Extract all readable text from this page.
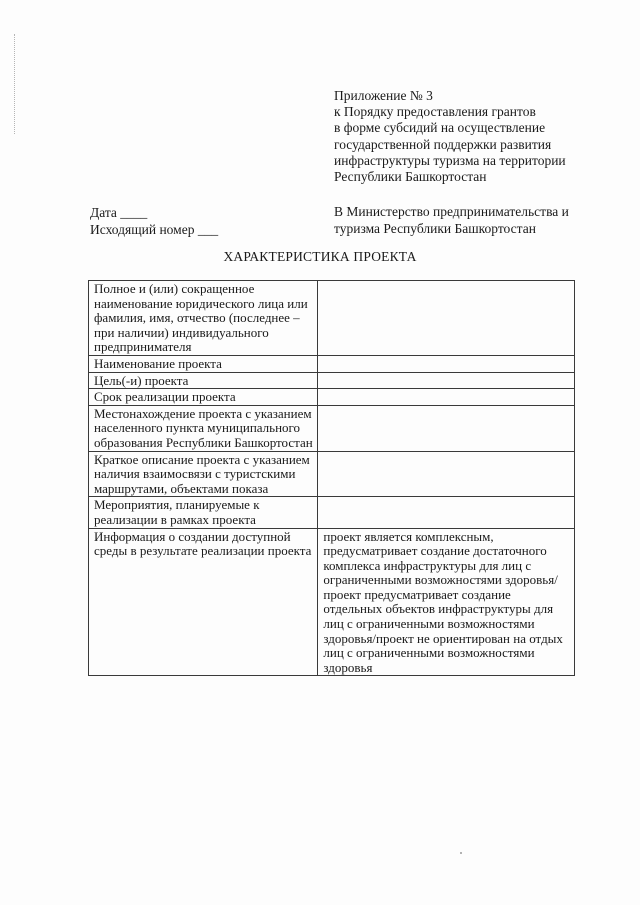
Приложение № 3
к Порядку предоставления грантов
в форме субсидий на осуществление
государственной поддержки развития
инфраструктуры туризма на территории
Республики Башкортостан
Дата ____
Исходящий номер ___
В Министерство предпринимательства и
туризма Республики Башкортостан
ХАРАКТЕРИСТИКА ПРОЕКТА
Полное и (или) сокращенное наименование юридического лица или фамилия, имя, отчество (последнее – при наличии) индивидуального предпринимателя	
Наименование проекта	
Цель(-и) проекта	
Срок реализации проекта	
Местонахождение проекта с указанием населенного пункта муниципального образования Республики Башкортостан	
Краткое описание проекта с указанием наличия взаимосвязи с туристскими маршрутами, объектами показа	
Мероприятия, планируемые к реализации в рамках проекта	
Информация о создании доступной среды в результате реализации проекта	проект является комплексным, предусматривает создание достаточного комплекса инфраструктуры для лиц с ограниченными возможностями здоровья/проект предусматривает создание отдельных объектов инфраструктуры для лиц с ограниченными возможностями здоровья/проект не ориентирован на отдых лиц с ограниченными возможностями здоровья
